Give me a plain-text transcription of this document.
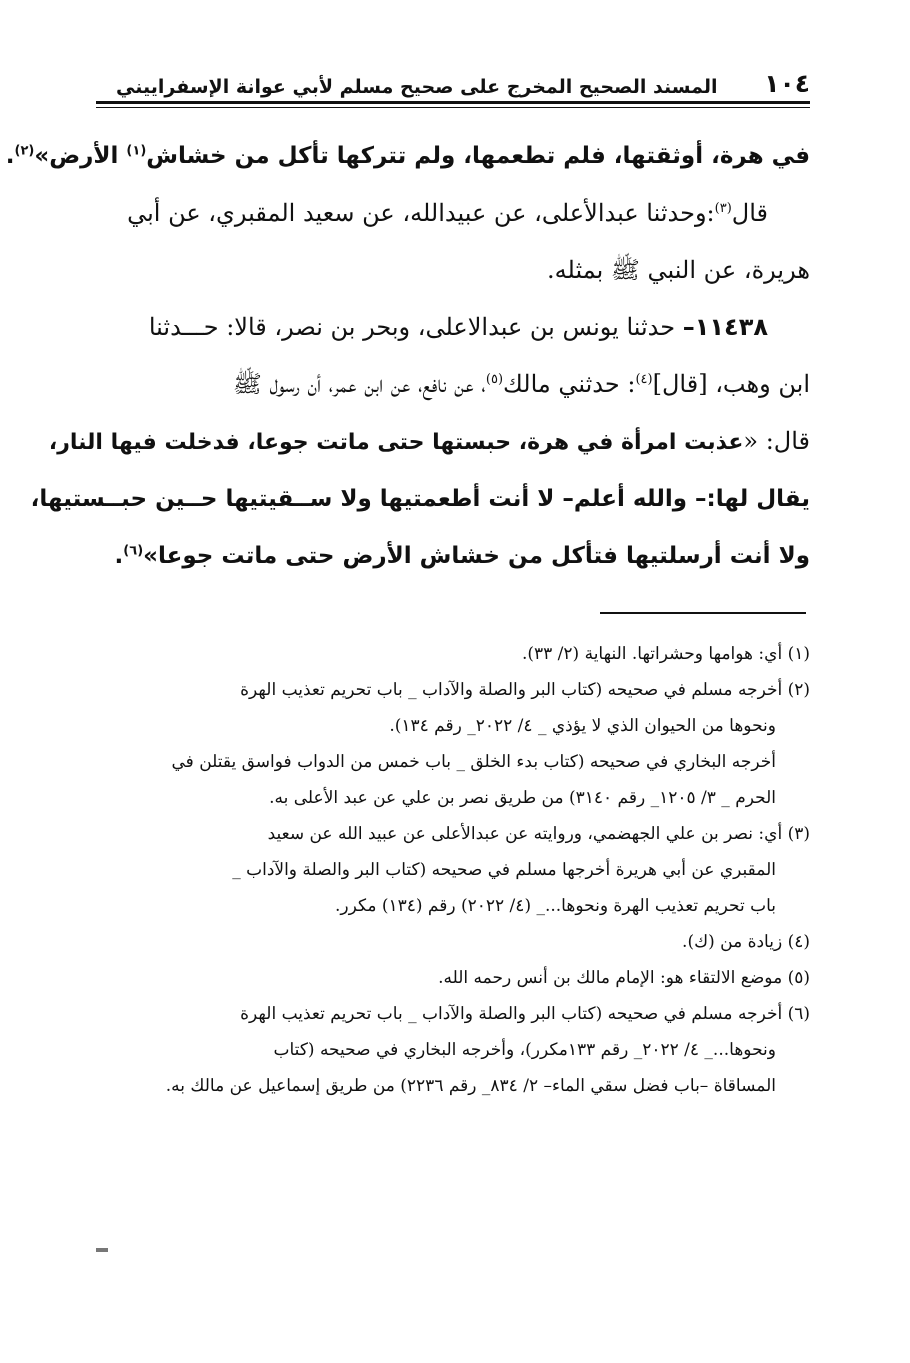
١٠٤
المسند الصحيح المخرج على صحيح مسلم لأبي عوانة الإسفراييني

في هرة، أوثقتها، فلم تطعمها، ولم تتركها تأكل من خشاش$^{(١)}$ الأرض»$^{(٢)}$.

قال$^{(٣)}$:وحدثنا عبدالأعلى، عن عبيدالله، عن سعيد المقبري، عن أبي

هريرة، عن النبي ﷺ بمثله.

١١٤٣٨– حدثنا يونس بن عبدالاعلى، وبحر بن نصر، قالا: حـــدثنا

ابن وهب، [قال]$^{(٤)}$: حدثني مالك$^{(٥)}$، عن نافع، عن ابن عمر، أن رسول ﷺ

قال: «عذبت امرأة في هرة، حبستها حتى ماتت جوعا، فدخلت فيها النار،

يقال لها:– والله أعلم– لا أنت أطعمتيها ولا ســقيتيها حــين حبــستيها،

ولا أنت أرسلتيها فتأكل من خشاش الأرض حتى ماتت جوعا»$^{(٦)}$.

(١) أي: هوامها وحشراتها. النهاية (٢/ ٣٣).

(٢) أخرجه مسلم في صحيحه (كتاب البر والصلة والآداب _ باب تحريم تعذيب الهرة

ونحوها من الحيوان الذي لا يؤذي _ ٤/ ٢٠٢٢_ رقم ١٣٤).

أخرجه البخاري في صحيحه (كتاب بدء الخلق _ باب خمس من الدواب فواسق يقتلن في

الحرم _ ٣/ ١٢٠٥_ رقم ٣١٤٠) من طريق نصر بن علي عن عبد الأعلى به.

(٣) أي: نصر بن علي الجهضمي، وروايته عن عبدالأعلى عن عبيد الله عن سعيد

المقبري عن أبي هريرة أخرجها مسلم في صحيحه (كتاب البر والصلة والآداب _

باب تحريم تعذيب الهرة ونحوها..._ (٤/ ٢٠٢٢) رقم (١٣٤) مكرر.

(٤) زيادة من (ك).

(٥) موضع الالتقاء هو: الإمام مالك بن أنس رحمه الله.

(٦) أخرجه مسلم في صحيحه (كتاب البر والصلة والآداب _ باب تحريم تعذيب الهرة

ونحوها..._ ٤/ ٢٠٢٢_ رقم ١٣٣مكرر)، وأخرجه البخاري في صحيحه (كتاب

المساقاة –باب فضل سقي الماء– ٢/ ٨٣٤_ رقم ٢٢٣٦) من طريق إسماعيل عن مالك به.
